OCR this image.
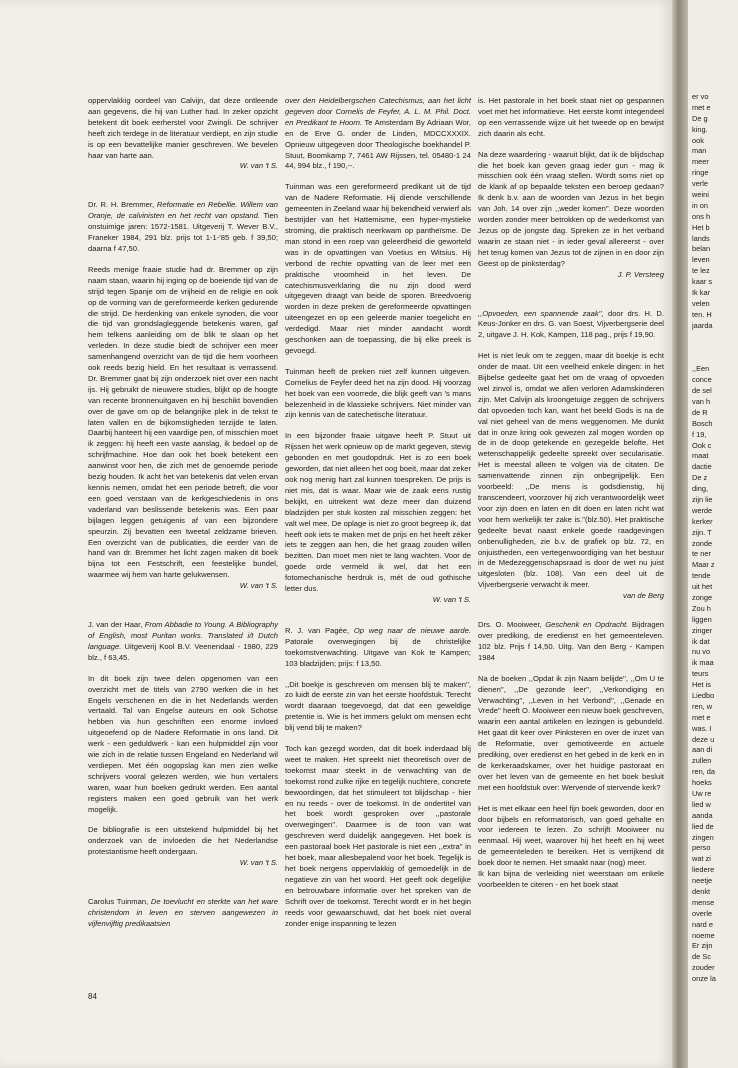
oppervlakkig oordeel van Calvijn, dat deze ontleende aan gegevens, die hij van Luther had. In zeker opzicht betekent dit boek eerherstel voor Zwingli. De schrijver heeft zich terdege in de literatuur verdiept, en zijn studie is op een bevattelijke manier geschreven. We bevelen haar van harte aan.

W. van 't S.

Dr. R. H. Bremmer, Reformatie en Rebellie. Willem van Oranje, de calvinisten en het recht van opstand. Tien onstuimige jaren: 1572-1581. Uitgeverij T. Wever B.V., Franeker 1984, 291 blz. prijs tot 1-1-'85 geb. f 39,50; daarna f 47,50.

Reeds menige fraaie studie had dr. Bremmer op zijn naam staan, waarin hij inging op de boeiende tijd van de strijd tegen Spanje om de vrijheid en de religie en ook op de vorming van de gereformeerde kerken gedurende die strijd. De herdenking van enkele synoden, die voor die tijd van grondslagleggende betekenis waren, gaf hem telkens aanleiding om de blik te slaan op het verleden. In deze studie biedt de schrijver een meer samenhangend overzicht van de tijd die hem voorheen ook reeds bezig hield. En het resultaat is verrassend. Dr. Bremmer gaat bij zijn onderzoek niet over een nacht ijs. Hij gebruikt de nieuwere studies, blijkt op de hoogte van recente bronnenuitgaven en hij beschikt bovendien over de gave om op de belangrijke plek in de tekst te laten vallen en de bijkomstigheden terzijde te laten. Daarbij hanteert hij een vaardige pen, of misschien moet ik zeggen: hij heeft een vaste aanslag, ik bedoel op de schrijfmachine. Hoe dan ook het boek betekent een aanwinst voor hen, die zich met de genoemde periode bezig houden. Ik acht het van betekenis dat velen ervan kennis nemen, omdat het een periode betreft, die voor een goed verstaan van de kerkgeschiedenis in ons vaderland van beslissende betekenis was. Een paar bijlagen leggen getuigenis af van een bijzondere speurzin. Zij bevatten een tweetal zeldzame brieven. Een overzicht van de publicaties, die eerder van de hand van dr. Bremmer het licht zagen maken dit boek bijna tot een Festschrift, een feestelijke bundel, waarmee wij hem van harte gelukwensen.

W. van 't S.

J. van der Haar, From Abbadie to Young. A Bibliography of English, most Puritan works. Translated i/t Dutch language. Uitgeverij Kool B.V. Veenendaal - 1980, 229 blz., f 63,45.

In dit boek zijn twee delen opgenomen van een overzicht met de titels van 2790 werken die in het Engels verschenen en die in het Nederlands werden vertaald. Tal van Engelse auteurs en ook Schotse hebben via hun geschriften een enorme invloed uitgeoefend op de Nadere Reformatie in ons land. Dit werk - een geduldwerk - kan een hulpmiddel zijn voor wie zich in de relatie tussen Engeland en Nederland wil verdiepen. Met één oogopslag kan men zien welke schrijvers vooral gelezen werden, wie hun vertalers waren, waar hun boeken gedrukt werden. Een aantal registers maken een goed gebruik van het werk mogelijk.

De bibliografie is een uitstekend hulpmiddel bij het onderzoek van de invloeden die het Nederlandse protestantisme heeft ondergaan.

W. van 't S.

Carolus Tuinman, De toevlucht en sterkte van het ware christendom in leven en sterven aangewezen in vijfenvijftig predikaatsien

over den Heidelbergschen Catechismus, aan het licht gegeven door Cornelis de Feyfer, A. L. M. Phil. Doct. en Predikant te Hoorn. Te Amsterdam By Adriaan Wor, en de Erve G. onder de Linden, MDCCXXXIX. Opnieuw uitgegeven door Theologische boekhandel P. Stuut, Boomkamp 7, 7461 AW Rijssen, tel. 05480-1 24 44, 994 blz., f 190,--.

Tuinman was een gereformeerd predikant uit de tijd van de Nadere Reformatie. Hij diende verschillende gemeenten in Zeeland waar hij bekendheid verwierf als bestrijder van het Hattemisme, een hyper-mystieke stroming, die praktisch neerkwam op pantheïsme. De man stond in een roep van geleerdheid die geworteld was in de opvattingen van Voetius en Witsius. Hij verbond de rechte opvatting van de leer met een praktische vroomheid in het leven. De catechismusverklaring die nu zijn dood werd uitgegeven draagt van beide de sporen. Breedvoerig worden in deze preken de gereformeerde opvattingen uiteengezet en op een geleerde manier toegelicht en verdedigd. Maar niet minder aandacht wordt geschonken aan de toepassing, die bij elke preek is gevoegd.

Tuinman heeft de preken niet zelf kunnen uitgeven. Cornelius de Feyfer deed het na zijn dood. Hij voorzag het boek van een voorrede, die blijk geeft van 's mans belezenheid in de klassieke schrijvers. Niet minder van zijn kennis van de catechetische literatuur.

In een bijzonder fraaie uitgave heeft P. Stuut uit Rijssen het werk opnieuw op de markt gegeven, stevig gebonden en met goudopdruk. Het is zo een boek geworden, dat niet alleen het oog boeit, maar dat zeker ook nog menig hart zal kunnen toespreken. De prijs is niet mis, dat is waar. Maar wie de zaak eens rustig bekijkt, en uitrekent wat deze meer dan duizend bladzijden per stuk kosten zal misschien zeggen: het valt wel mee. De oplage is niet zo groot begreep ik, dat heeft ook iets te maken met de prijs en het heeft zéker iets te zeggen aan hen, die het graag zouden willen bezitten. Dan moet men niet te lang wachten. Voor de goede orde vermeld ik wel, dat het een fotomechanische herdruk is, mét de oud gothische letter dus.

W. van 't S.

R. J. van Pagée, Op weg naar de nieuwe aarde. Patorale overwegingen bij de christelijke toekomstverwachting. Uitgave van Kok te Kampen; 103 bladzijden; prijs: f 13,50.

,,Dit boekje is geschreven om mensen blij te maken'', zo luidt de eerste zin van het eerste hoofdstuk. Terecht wordt daaraan toegevoegd, dat dat een geweldige pretentie is. Wie is het immers gelukt om mensen echt blij vend blij te maken?

Toch kan gezegd worden, dat dit boek inderdaad blij weet te maken. Het spreekt niet theoretisch over de toekomst maar steekt in de verwachting van de toekomst rond zulke rijke en tegelijk nuchtere, concrete bewoordingen, dat het stimuleert tot blijdschap - hier en nu reeds - over de toekomst. In de ondertitel van het boek wordt gesproken over ,,pastorale overwegingen''. Daarmee is de toon van wat geschreven werd duidelijk aangegeven. Het boek is een pastoraal boek Het pastorale is niet een ,,extra'' in het boek, maar allesbepalend voor het boek. Tegelijk is het boek nergens oppervlakkig of gemoedelijk in de negatieve zin van het woord. Het geeft ook degelijke en betrouwbare informatie over het spreken van de Schrift over de toekomst. Terecht wordt er in het begin reeds voor gewaarschuwd, dat het boek niet overal zonder enige inspanning te lezen

is. Het pastorale in het boek staat niet op gespannen voet met het informatieve. Het eerste komt integendeel op een verrassende wijze uit het tweede op en bewijst zich daarin als echt.

Na deze waardering - waaruit blijkt, dat ik de blijdschap die het boek kan geven graag ieder gun - mag ik misschien ook één vraag stellen. Wordt soms niet op de klank af op bepaalde teksten een beroep gedaan? Ik denk b.v. aan de woorden van Jezus in het begin van Joh. 14 over zijn ,,weder komen''. Deze woorden worden zonder meer betrokken op de wederkomst van Jezus op de jongste dag. Spreken ze in het verband waarin ze staan niet - in ieder geval allereerst - over het terug komen van Jezus tot de zijnen in en door zijn Geest op de pinksterdag?

J. P. Versteeg

,,Opvoeden, een spannende zaak'', door drs. H. D. Keus-Jonker en drs. G. van Soest, Vijverbergserie deel 2, uitgave J. H. Kok, Kampen, 118 pag., prijs f 19,90.

Het is niet leuk om te zeggen, maar dit boekje is echt onder de maat. Uit een veelheid enkele dingen: in het Bijbelse gedeelte gaat het om de vraag of opvoeden wel zinvol is, omdat we allen verloren Adamskinderen zijn. Met Calvijn als kroongetuige zeggen de schrijvers dat opvoeden toch kan, want het beeld Gods is na de val niet geheel van de mens weggenomen. Me dunkt dat in onze kring ook gewezen zal mogen worden op de in de doop getekende en gezegelde belofte. Het wetenschappelijk gedeelte spreekt over secularisatie. Het is meestal alleen te volgen via de citaten. De samenvattende zinnen zijn onbegrijpelijk. Een voorbeeld: ,,De mens is godsdienstig, hij transcendeert, voorzover hij zich verantwoordelijk weet voor zijn doen en laten en dit doen en laten richt wat voor hem werkelijk ter zake is.''(blz.50). Het praktische gedeelte bevat naast enkele goede raadgevingen onbenulligheden, zie b.v. de grafiek op blz. 72, en onjuistheden, een vertegenwoordiging van het bestuur in de Medezeggenschapsraad is door de wet nu juist uitgesloten (blz. 108). Van een deel uit de Vijverbergserie verwacht ik meer.

van de Berg

Drs. O. Mooiweer, Geschenk en Opdracht. Bijdragen over prediking, de eredienst en het gemeenteleven. 102 blz. Prijs f 14,50. Uitg. Van den Berg - Kampen 1984

Na de boeken ,,Opdat ik zijn Naam belijde'', ,,Om U te dienen'', ,,De gezonde leer'', ,,Verkondiging en Verwachting'', ,,Leven in het Verbond'', ,,Genade en Vrede'' heeft O. Mooiweer een nieuw boek geschreven, waarin een aantal artikelen en lezingen is gebundeld. Het gaat dit keer over Pinksteren en over de inzet van de Reformatie, over gemotiveerde en actuele prediking, over eredienst en het gebed in de kerk en in de kerkeraadskamer, over het huidige pastoraat en over het leven van de gemeente en het boek besluit met een hoofdstuk over: Wervende of stervende kerk?

Het is met elkaar een heel fijn boek geworden, door en door bijbels en reformatorisch, van goed gehalte en voor iedereen te lezen. Zo schrijft Mooiweer nu eenmaal. Hij weet, waarover hij het heeft en hij weet de gemeenteleden te bereiken. Het is verrijkend dit boek door te nemen. Het smaakt naar (nog) meer.

Ik kan bijna de verleiding niet weerstaan om enkele voorbeelden te citeren - en het boek staat

84
er vo
met e
De g
king.
ook
man
meer
ringe
verle
weini
in on
ons h
Het b
lands
belan
leven
te lez
kaar s
Ik kar
velen
ten. H
jaarda
,,Een
conce
de sel
van h
de R
Bosch
f 19,
Ook c
maat
dactie
De z
ding,
zijn lie
werde
kerker
zijn. T
zonde
te ner
Maar z
tende
uit het
zonge
Zou h
liggen
zinger
ik dat
nu vo
ik maa
teurs
Het is
Liedbo
ren, w
met e
was. I
deze u
aan di
zullen
ren, da
hoeks
Uw re
lied w
aanda
lied de
zingen
perso
wat zi
liedere
neetje
denkt
mense
overle
nard e
noeme
Er zijn
de Sc
zouder
onze la
